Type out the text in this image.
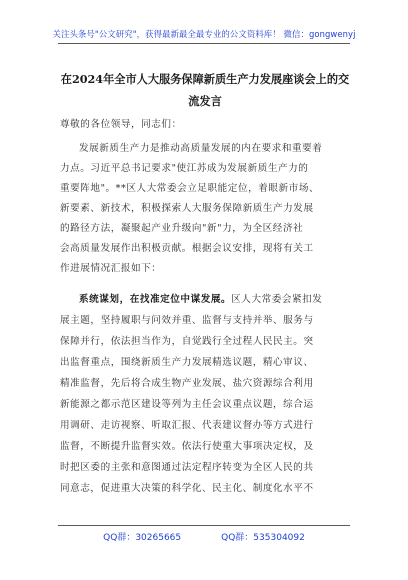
关注头条号"公文研究"，获得最新最全最专业的公文资料库！ 微信：gongwenyj
在2024年全市人大服务保障新质生产力发展座谈会上的交
流发言
尊敬的各位领导，同志们：
发展新质生产力是推动高质量发展的内在要求和重要着
力点。习近平总书记要求"使江苏成为发展新质生产力的
重要阵地"。**区人大常委会立足职能定位，着眼新市场、
新要素、新技术，积极探索人大服务保障新质生产力发展
的路径方法，凝聚起产业升级向"新"力，为全区经济社
会高质量发展作出积极贡献。根据会议安排，现将有关工
作进展情况汇报如下：
系统谋划，在找准定位中谋发展。区人大常委会紧扣发
展主题，坚持履职与问效并重、监督与支持并举、服务与
保障并行，依法担当作为，自觉践行全过程人民民主。突
出监督重点，围绕新质生产力发展精选议题，精心审议、
精准监督，先后将合成生物产业发展、盐穴资源综合利用
新能源之都示范区建设等列为主任会议重点议题，综合运
用调研、走访视察、听取汇报、代表建议督办等方式进行
监督，不断提升监督实效。依法行使重大事项决定权，及
时把区委的主张和意图通过法定程序转变为全区人民的共
同意志，促进重大决策的科学化、民主化、制度化水平不
QQ群：30265665	QQ群：535304092
